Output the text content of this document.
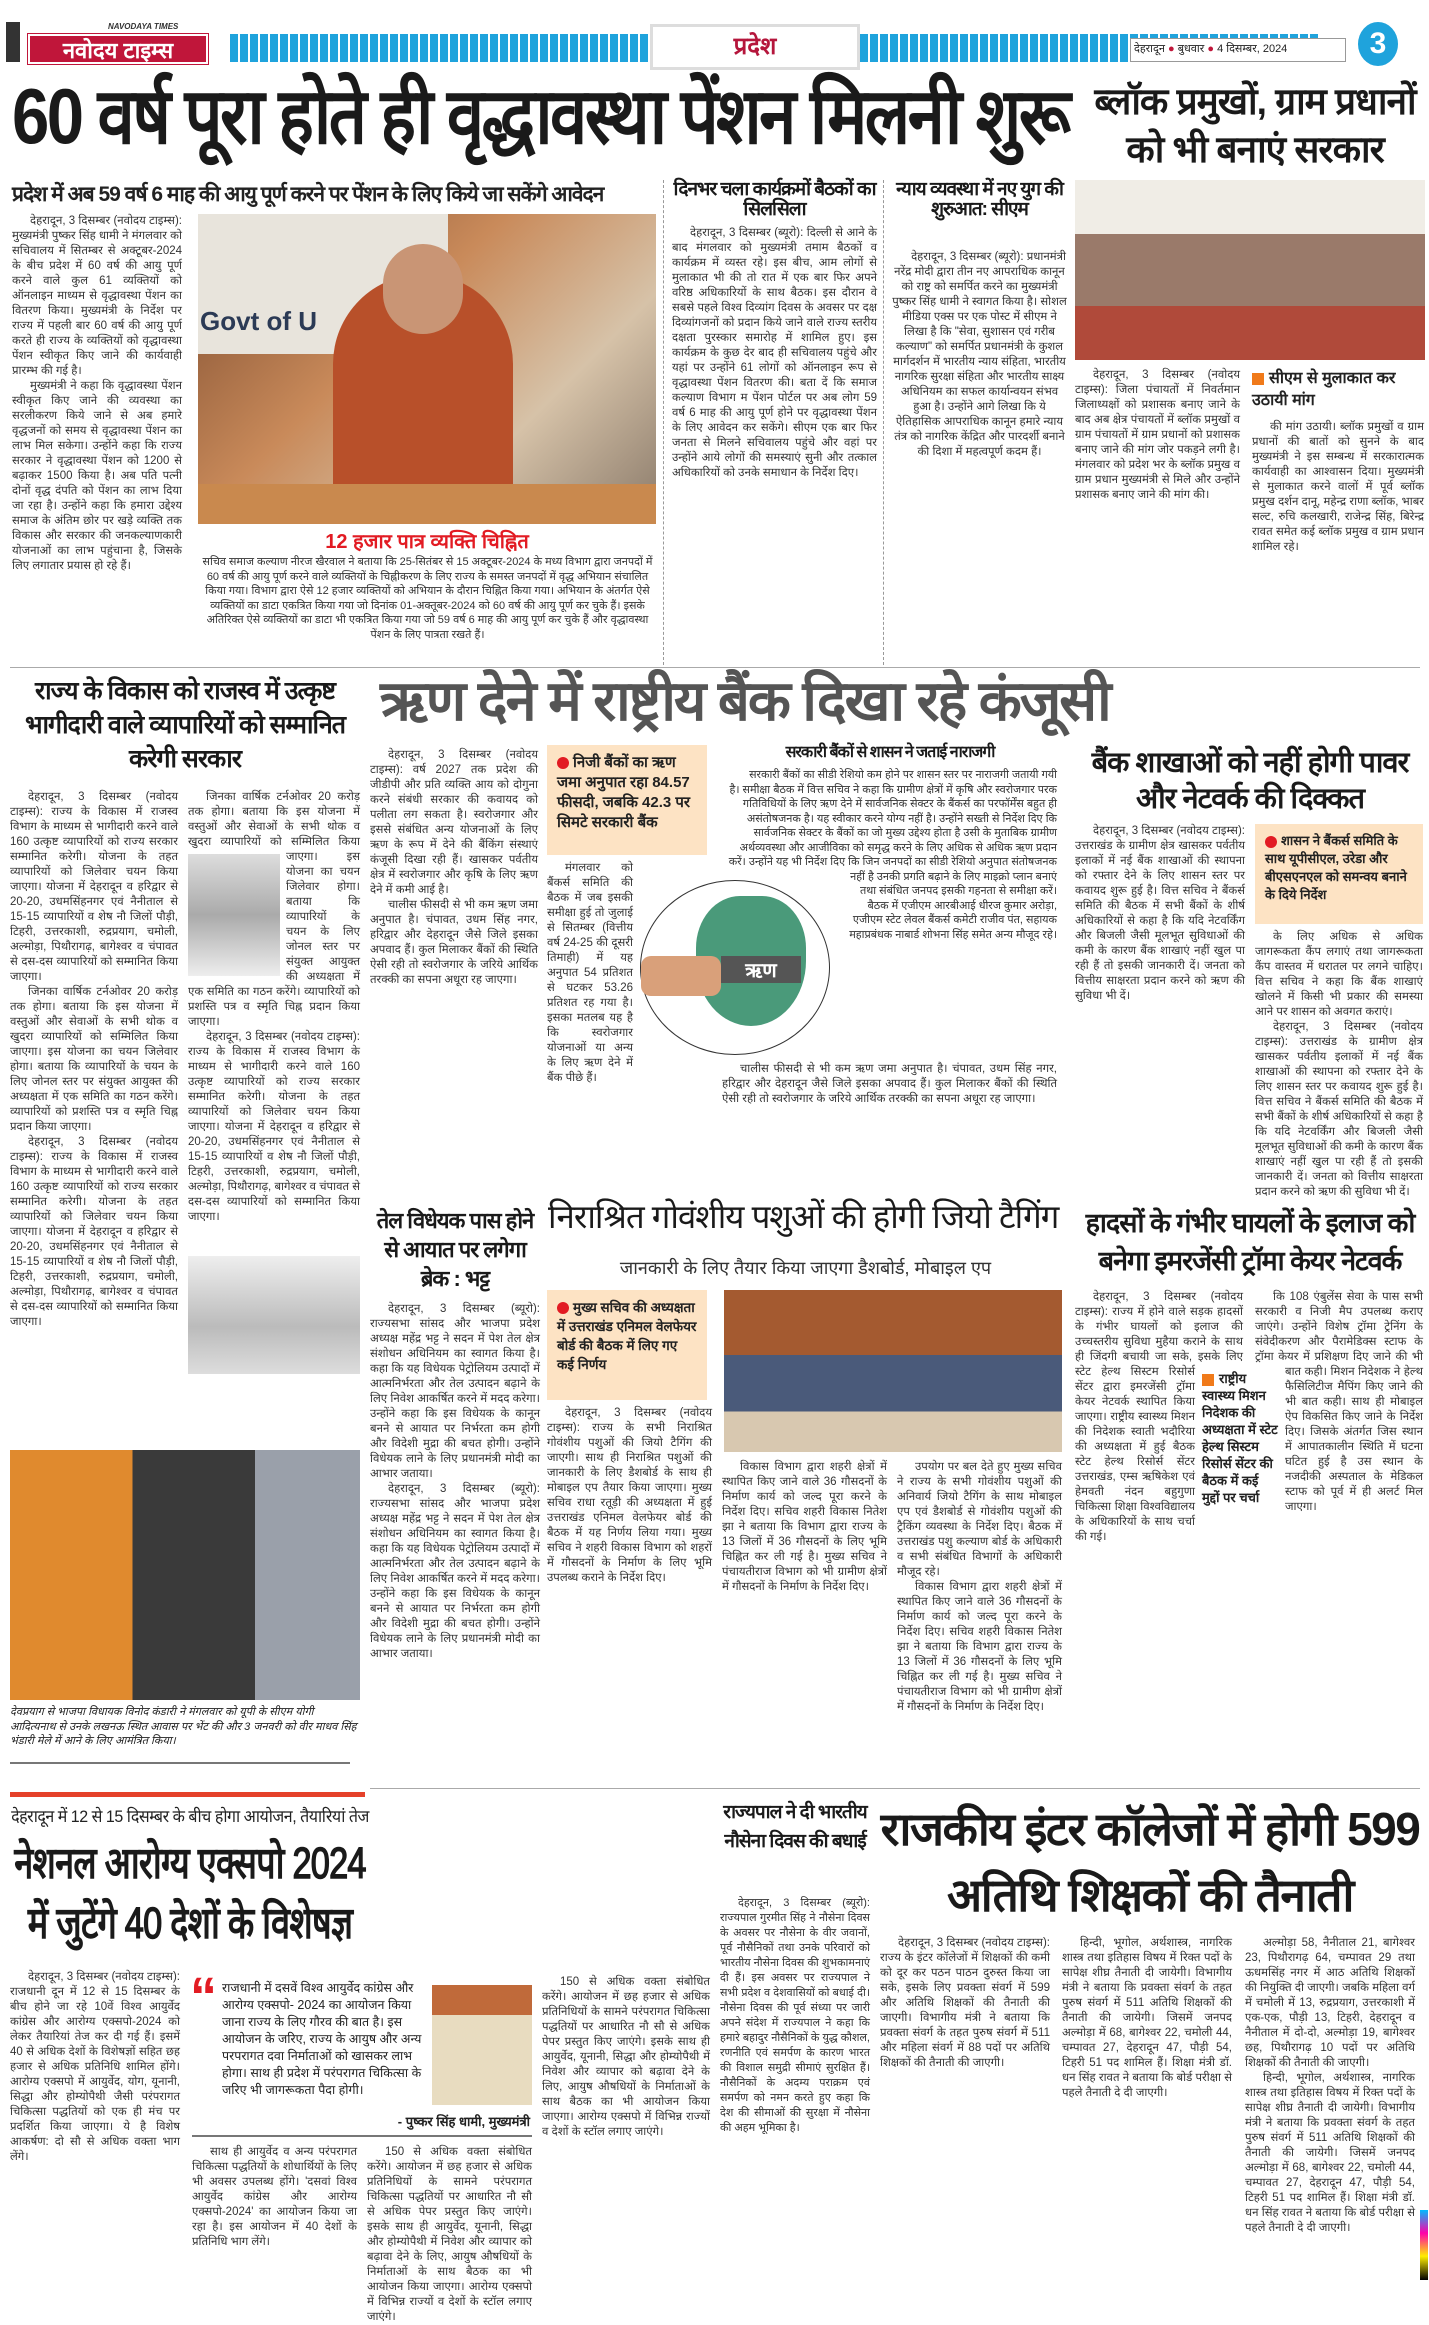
NAVODAYA TIMES
नवोदय टाइम्स	प्रदेश	देहरादून ● बुधवार ● 4 दिसम्बर, 2024	3
60 वर्ष पूरा होते ही वृद्धावस्था पेंशन मिलनी शुरू ब्लॉक प्रमुखों, ग्राम प्रधानों को भी बनाएं सरकार
प्रदेश में अब 59 वर्ष 6 माह की आयु पूर्ण करने पर पेंशन के लिए किये जा सकेंगे आवेदन

देहरादून, 3 दिसम्बर (नवोदय टाइम्स): मुख्यमंत्री पुष्कर सिंह धामी ने मंगलवार को सचिवालय में सितम्बर से अक्टूबर-2024 के बीच प्रदेश में 60 वर्ष की आयु पूर्ण करने वाले कुल 61 व्यक्तियों को ऑनलाइन माध्यम से वृद्धावस्था पेंशन का वितरण किया। मुख्यमंत्री के निर्देश पर राज्य में पहली बार 60 वर्ष की आयु पूर्ण करते ही राज्य के व्यक्तियों को वृद्धावस्था पेंशन स्वीकृत किए जाने की कार्यवाही प्रारम्भ की गई है।

मुख्यमंत्री ने कहा कि वृद्धावस्था पेंशन स्वीकृत किए जाने की व्यवस्था का सरलीकरण किये जाने से अब हमारे वृद्धजनों को समय से वृद्धावस्था पेंशन का लाभ मिल सकेगा। उन्होंने कहा कि राज्य सरकार ने वृद्धावस्था पेंशन को 1200 से बढ़ाकर 1500 किया है। अब पति पत्नी दोनों वृद्ध दंपति को पेंशन का लाभ दिया जा रहा है। उन्होंने कहा कि हमारा उद्देश्य समाज के अंतिम छोर पर खड़े व्यक्ति तक विकास और सरकार की जनकल्याणकारी योजनाओं का लाभ पहुंचाना है, जिसके लिए लगातार प्रयास हो रहे हैं।

Govt of U
12 हजार पात्र व्यक्ति चिह्नित
सचिव समाज कल्याण नीरज खैरवाल ने बताया कि 25-सितंबर से 15 अक्टूबर-2024 के मध्य विभाग द्वारा जनपदों में 60 वर्ष की आयु पूर्ण करने वाले व्यक्तियों के चिह्नीकरण के लिए राज्य के समस्त जनपदों में वृद्ध अभियान संचालित किया गया। विभाग द्वारा ऐसे 12 हजार व्यक्तियों को अभियान के दौरान चिह्नित किया गया। अभियान के अंतर्गत ऐसे व्यक्तियों का डाटा एकत्रित किया गया जो दिनांक 01-अक्तूबर-2024 को 60 वर्ष की आयु पूर्ण कर चुके हैं। इसके अतिरिक्त ऐसे व्यक्तियों का डाटा भी एकत्रित किया गया जो 59 वर्ष 6 माह की आयु पूर्ण कर चुके हैं और वृद्धावस्था पेंशन के लिए पात्रता रखते हैं।
दिनभर चला कार्यक्रमों बैठकों का सिलसिला

देहरादून, 3 दिसम्बर (ब्यूरो): दिल्ली से आने के बाद मंगलवार को मुख्यमंत्री तमाम बैठकों व कार्यक्रम में व्यस्त रहे। इस बीच, आम लोगों से मुलाकात भी की तो रात में एक बार फिर अपने वरिष्ठ अधिकारियों के साथ बैठक। इस दौरान वे सबसे पहले विश्व दिव्यांग दिवस के अवसर पर दक्ष दिव्यांगजनों को प्रदान किये जाने वाले राज्य स्तरीय दक्षता पुरस्कार समारोह में शामिल हुए। इस कार्यक्रम के कुछ देर बाद ही सचिवालय पहुंचे और यहां पर उन्होंने 61 लोगों को ऑनलाइन रूप से वृद्धावस्था पेंशन वितरण की। बता दें कि समाज कल्याण विभाग म पेंशन पोर्टल पर अब लोग 59 वर्ष 6 माह की आयु पूर्ण होने पर वृद्धावस्था पेंशन के लिए आवेदन कर सकेंगे। सीएम एक बार फिर जनता से मिलने सचिवालय पहुंचे और वहां पर उन्होंने आये लोगों की समस्याएं सुनी और तत्काल अधिकारियों को उनके समाधान के निर्देश दिए।

न्याय व्यवस्था में नए युग की शुरुआत: सीएम

देहरादून, 3 दिसम्बर (ब्यूरो): प्रधानमंत्री नरेंद्र मोदी द्वारा तीन नए आपराधिक कानून को राष्ट्र को समर्पित करने का मुख्यमंत्री पुष्कर सिंह धामी ने स्वागत किया है। सोशल मीडिया एक्स पर एक पोस्ट में सीएम ने लिखा है कि "सेवा, सुशासन एवं गरीब कल्याण" को समर्पित प्रधानमंत्री के कुशल मार्गदर्शन में भारतीय न्याय संहिता, भारतीय नागरिक सुरक्षा संहिता और भारतीय साक्ष्य अधिनियम का सफल कार्यान्वयन संभव हुआ है। उन्होंने आगे लिखा कि ये ऐतिहासिक आपराधिक कानून हमारे न्याय तंत्र को नागरिक केंद्रित और पारदर्शी बनाने की दिशा में महत्वपूर्ण कदम हैं।

देहरादून, 3 दिसम्बर (नवोदय टाइम्स): जिला पंचायतों में निवर्तमान जिलाध्यक्षों को प्रशासक बनाए जाने के बाद अब क्षेत्र पंचायतों में ब्लॉक प्रमुखों व ग्राम पंचायतों में ग्राम प्रधानों को प्रशासक बनाए जाने की मांग जोर पकड़ने लगी है। मंगलवार को प्रदेश भर के ब्लॉक प्रमुख व ग्राम प्रधान मुख्यमंत्री से मिले और उन्होंने प्रशासक बनाए जाने की मांग की।

सीएम से मुलाकात कर उठायी मांग

की मांग उठायी। ब्लॉक प्रमुखों व ग्राम प्रधानों की बातों को सुनने के बाद मुख्यमंत्री ने इस सम्बन्ध में सरकारात्मक कार्यवाही का आश्वासन दिया। मुख्यमंत्री से मुलाकात करने वालों में पूर्व ब्लॉक प्रमुख दर्शन दानू, महेन्द्र राणा ब्लॉक, भाबर सल्ट, रुचि कलखारी, राजेन्द्र सिंह, बिरेन्द्र रावत समेत कई ब्लॉक प्रमुख व ग्राम प्रधान शामिल रहे।

राज्य के विकास को राजस्व में उत्कृष्ट भागीदारी वाले व्यापारियों को सम्मानित करेगी सरकार

देहरादून, 3 दिसम्बर (नवोदय टाइम्स): राज्य के विकास में राजस्व विभाग के माध्यम से भागीदारी करने वाले 160 उत्कृष्ट व्यापारियों को राज्य सरकार सम्मानित करेगी। योजना के तहत व्यापारियों को जिलेवार चयन किया जाएगा। योजना में देहरादून व हरिद्वार से 20-20, उधमसिंहनगर एवं नैनीताल से 15-15 व्यापारियों व शेष नौ जिलों पौड़ी, टिहरी, उत्तरकाशी, रुद्रप्रयाग, चमोली, अल्मोड़ा, पिथौरागढ़, बागेश्वर व चंपावत से दस-दस व्यापारियों को सम्मानित किया जाएगा।

जिनका वार्षिक टर्नओवर 20 करोड़ तक होगा। बताया कि इस योजना में वस्तुओं और सेवाओं के सभी थोक व खुदरा व्यापारियों को सम्मिलित किया जाएगा। इस योजना का चयन जिलेवार होगा। बताया कि व्यापारियों के चयन के लिए जोनल स्तर पर संयुक्त आयुक्त की अध्यक्षता में एक समिति का गठन करेंगे। व्यापारियों को प्रशस्ति पत्र व स्मृति चिह्न प्रदान किया जाएगा।

देहरादून, 3 दिसम्बर (नवोदय टाइम्स): राज्य के विकास में राजस्व विभाग के माध्यम से भागीदारी करने वाले 160 उत्कृष्ट व्यापारियों को राज्य सरकार सम्मानित करेगी। योजना के तहत व्यापारियों को जिलेवार चयन किया जाएगा। योजना में देहरादून व हरिद्वार से 20-20, उधमसिंहनगर एवं नैनीताल से 15-15 व्यापारियों व शेष नौ जिलों पौड़ी, टिहरी, उत्तरकाशी, रुद्रप्रयाग, चमोली, अल्मोड़ा, पिथौरागढ़, बागेश्वर व चंपावत से दस-दस व्यापारियों को सम्मानित किया जाएगा।

जिनका वार्षिक टर्नओवर 20 करोड़ तक होगा। बताया कि इस योजना में वस्तुओं और सेवाओं के सभी थोक व खुदरा व्यापारियों को सम्मिलित किया जाएगा। इस योजना का चयन जिलेवार होगा। बताया कि व्यापारियों के चयन के लिए जोनल स्तर पर संयुक्त आयुक्त की अध्यक्षता में एक समिति का गठन करेंगे। व्यापारियों को प्रशस्ति पत्र व स्मृति चिह्न प्रदान किया जाएगा।

देहरादून, 3 दिसम्बर (नवोदय टाइम्स): राज्य के विकास में राजस्व विभाग के माध्यम से भागीदारी करने वाले 160 उत्कृष्ट व्यापारियों को राज्य सरकार सम्मानित करेगी। योजना के तहत व्यापारियों को जिलेवार चयन किया जाएगा। योजना में देहरादून व हरिद्वार से 20-20, उधमसिंहनगर एवं नैनीताल से 15-15 व्यापारियों व शेष नौ जिलों पौड़ी, टिहरी, उत्तरकाशी, रुद्रप्रयाग, चमोली, अल्मोड़ा, पिथौरागढ़, बागेश्वर व चंपावत से दस-दस व्यापारियों को सम्मानित किया जाएगा।

देवप्रयाग से भाजपा विधायक विनोद कंडारी ने मंगलवार को यूपी के सीएम योगी आदित्यनाथ से उनके लखनऊ स्थित आवास पर भेंट की और 3 जनवरी को वीर माधव सिंह भंडारी मेले में आने के लिए आमंत्रित किया।
ऋण देने में राष्ट्रीय बैंक दिखा रहे कंजूसी

देहरादून, 3 दिसम्बर (नवोदय टाइम्स): वर्ष 2027 तक प्रदेश की जीडीपी और प्रति व्यक्ति आय को दोगुना करने संबंधी सरकार की कवायद को पलीता लग सकता है। स्वरोजगार और इससे संबंधित अन्य योजनाओं के लिए ऋण के रूप में देने की बैंकिंग संस्थाएं कंजूसी दिखा रही हैं। खासकर पर्वतीय क्षेत्र में स्वरोजगार और कृषि के लिए ऋण देने में कमी आई है।

चालीस फीसदी से भी कम ऋण जमा अनुपात है। चंपावत, उधम सिंह नगर, हरिद्वार और देहरादून जैसे जिले इसका अपवाद हैं। कुल मिलाकर बैंकों की स्थिति ऐसी रही तो स्वरोजगार के जरिये आर्थिक तरक्की का सपना अधूरा रह जाएगा।

निजी बैंकों का ऋण जमा अनुपात रहा 84.57 फीसदी, जबकि 42.3 पर सिमटे सरकारी बैंक

मंगलवार को बैंकर्स समिति की बैठक में जब इसकी समीक्षा हुई तो जुलाई से सितम्बर (वित्तीय वर्ष 24-25 की दूसरी तिमाही) में यह अनुपात 54 प्रतिशत से घटकर 53.26 प्रतिशत रह गया है। इसका मतलब यह है कि स्वरोजगार योजनाओं या अन्य के लिए ऋण देने में बैंक पीछे हैं।

सरकारी बैंकों से शासन ने जताई नाराजगी

सरकारी बैंकों का सीडी रेशियो कम होने पर शासन स्तर पर नाराजगी जतायी गयी है। समीक्षा बैठक में वित्त सचिव ने कहा कि ग्रामीण क्षेत्रों में कृषि और स्वरोजगार परक गतिविधियों के लिए ऋण देने में सार्वजनिक सेक्टर के बैंकर्स का परफॉर्मेंस बहुत ही असंतोषजनक है। यह स्वीकार करने योग्य नहीं है। उन्होंने सख्ती से निर्देश दिए कि सार्वजनिक सेक्टर के बैंकों का जो मुख्य उद्देश्य होता है उसी के मुताबिक ग्रामीण अर्थव्यवस्था और आजीविका को समृद्ध करने के लिए अधिक से अधिक ऋण प्रदान करें। उन्होंने यह भी निर्देश दिए कि जिन जनपदों का सीडी रेशियो अनुपात संतोषजनक नहीं है उनकी प्रगति बढ़ाने के लिए माइक्रो प्लान बनाएं तथा संबंधित जनपद इसकी गहनता से समीक्षा करें। बैठक में एजीएम आरबीआई धीरज कुमार अरोड़ा, एजीएम स्टेट लेवल बैंकर्स कमेटी राजीव पंत, सहायक महाप्रबंधक नाबार्ड शोभना सिंह समेत अन्य मौजूद रहे।

ऋण

चालीस फीसदी से भी कम ऋण जमा अनुपात है। चंपावत, उधम सिंह नगर, हरिद्वार और देहरादून जैसे जिले इसका अपवाद हैं। कुल मिलाकर बैंकों की स्थिति ऐसी रही तो स्वरोजगार के जरिये आर्थिक तरक्की का सपना अधूरा रह जाएगा।

बैंक शाखाओं को नहीं होगी पावर और नेटवर्क की दिक्कत

देहरादून, 3 दिसम्बर (नवोदय टाइम्स): उत्तराखंड के ग्रामीण क्षेत्र खासकर पर्वतीय इलाकों में नई बैंक शाखाओं की स्थापना को रफ्तार देने के लिए शासन स्तर पर कवायद शुरू हुई है। वित्त सचिव ने बैंकर्स समिति की बैठक में सभी बैंकों के शीर्ष अधिकारियों से कहा है कि यदि नेटवर्किंग और बिजली जैसी मूलभूत सुविधाओं की कमी के कारण बैंक शाखाएं नहीं खुल पा रही हैं तो इसकी जानकारी दें। जनता को वित्तीय साक्षरता प्रदान करने को ऋण की सुविधा भी दें।

शासन ने बैंकर्स समिति के साथ यूपीसीएल, उरेडा और बीएसएनएल को समन्वय बनाने के दिये निर्देश

के लिए अधिक से अधिक जागरूकता कैंप लगाएं तथा जागरूकता कैंप वास्तव में धरातल पर लगने चाहिए। वित्त सचिव ने कहा कि बैंक शाखाएं खोलने में किसी भी प्रकार की समस्या आने पर शासन को अवगत कराएं।

देहरादून, 3 दिसम्बर (नवोदय टाइम्स): उत्तराखंड के ग्रामीण क्षेत्र खासकर पर्वतीय इलाकों में नई बैंक शाखाओं की स्थापना को रफ्तार देने के लिए शासन स्तर पर कवायद शुरू हुई है। वित्त सचिव ने बैंकर्स समिति की बैठक में सभी बैंकों के शीर्ष अधिकारियों से कहा है कि यदि नेटवर्किंग और बिजली जैसी मूलभूत सुविधाओं की कमी के कारण बैंक शाखाएं नहीं खुल पा रही हैं तो इसकी जानकारी दें। जनता को वित्तीय साक्षरता प्रदान करने को ऋण की सुविधा भी दें।

तेल विधेयक पास होने से आयात पर लगेगा ब्रेक : भट्ट

देहरादून, 3 दिसम्बर (ब्यूरो): राज्यसभा सांसद और भाजपा प्रदेश अध्यक्ष महेंद्र भट्ट ने सदन में पेश तेल क्षेत्र संशोधन अधिनियम का स्वागत किया है। कहा कि यह विधेयक पेट्रोलियम उत्पादों में आत्मनिर्भरता और तेल उत्पादन बढ़ाने के लिए निवेश आकर्षित करने में मदद करेगा। उन्होंने कहा कि इस विधेयक के कानून बनने से आयात पर निर्भरता कम होगी और विदेशी मुद्रा की बचत होगी। उन्होंने विधेयक लाने के लिए प्रधानमंत्री मोदी का आभार जताया।

देहरादून, 3 दिसम्बर (ब्यूरो): राज्यसभा सांसद और भाजपा प्रदेश अध्यक्ष महेंद्र भट्ट ने सदन में पेश तेल क्षेत्र संशोधन अधिनियम का स्वागत किया है। कहा कि यह विधेयक पेट्रोलियम उत्पादों में आत्मनिर्भरता और तेल उत्पादन बढ़ाने के लिए निवेश आकर्षित करने में मदद करेगा। उन्होंने कहा कि इस विधेयक के कानून बनने से आयात पर निर्भरता कम होगी और विदेशी मुद्रा की बचत होगी। उन्होंने विधेयक लाने के लिए प्रधानमंत्री मोदी का आभार जताया।

निराश्रित गोवंशीय पशुओं की होगी जियो टैगिंग
जानकारी के लिए तैयार किया जाएगा डैशबोर्ड, मोबाइल एप
मुख्य सचिव की अध्यक्षता में उत्तराखंड एनिमल वेलफेयर बोर्ड की बैठक में लिए गए कई निर्णय

देहरादून, 3 दिसम्बर (नवोदय टाइम्स): राज्य के सभी निराश्रित गोवंशीय पशुओं की जियो टैगिंग की जाएगी। साथ ही निराश्रित पशुओं की जानकारी के लिए डैशबोर्ड के साथ ही मोबाइल एप तैयार किया जाएगा। मुख्य सचिव राधा रतूड़ी की अध्यक्षता में हुई उत्तराखंड एनिमल वेलफेयर बोर्ड की बैठक में यह निर्णय लिया गया। मुख्य सचिव ने शहरी विकास विभाग को शहरों में गौसदनों के निर्माण के लिए भूमि उपलब्ध कराने के निर्देश दिए।

विकास विभाग द्वारा शहरी क्षेत्रों में स्थापित किए जाने वाले 36 गौसदनों के निर्माण कार्य को जल्द पूरा करने के निर्देश दिए। सचिव शहरी विकास नितेश झा ने बताया कि विभाग द्वारा राज्य के 13 जिलों में 36 गौसदनों के लिए भूमि चिह्नित कर ली गई है। मुख्य सचिव ने पंचायतीराज विभाग को भी ग्रामीण क्षेत्रों में गौसदनों के निर्माण के निर्देश दिए।

उपयोग पर बल देते हुए मुख्य सचिव ने राज्य के सभी गोवंशीय पशुओं की अनिवार्य जियो टैगिंग के साथ मोबाइल एप एवं डैशबोर्ड से गोवंशीय पशुओं की ट्रैकिंग व्यवस्था के निर्देश दिए। बैठक में उत्तराखंड पशु कल्याण बोर्ड के अधिकारी व सभी संबंधित विभागों के अधिकारी मौजूद रहे।

विकास विभाग द्वारा शहरी क्षेत्रों में स्थापित किए जाने वाले 36 गौसदनों के निर्माण कार्य को जल्द पूरा करने के निर्देश दिए। सचिव शहरी विकास नितेश झा ने बताया कि विभाग द्वारा राज्य के 13 जिलों में 36 गौसदनों के लिए भूमि चिह्नित कर ली गई है। मुख्य सचिव ने पंचायतीराज विभाग को भी ग्रामीण क्षेत्रों में गौसदनों के निर्माण के निर्देश दिए।

हादसों के गंभीर घायलों के इलाज को बनेगा इमरजेंसी ट्रॉमा केयर नेटवर्क

देहरादून, 3 दिसम्बर (नवोदय टाइम्स): राज्य में होने वाले सड़क हादसों के गंभीर घायलों को इलाज की उच्चस्तरीय सुविधा मुहैया कराने के साथ ही जिंदगी बचायी जा सके, इसके लिए स्टेट हेल्थ सिस्टम रिसोर्स सेंटर द्वारा इमरजेंसी ट्रॉमा केयर नेटवर्क स्थापित किया जाएगा। राष्ट्रीय स्वास्थ्य मिशन की निदेशक स्वाती भदौरिया की अध्यक्षता में हुई बैठक स्टेट हेल्थ रिसोर्स सेंटर उत्तराखंड, एम्स ऋषिकेश एवं हेमवती नंदन बहुगुणा चिकित्सा शिक्षा विश्वविद्यालय के अधिकारियों के साथ चर्चा की गई।

राष्ट्रीय स्वास्थ्य मिशन निदेशक की अध्यक्षता में स्टेट हेल्थ सिस्टम रिसोर्स सेंटर की बैठक में कई मुद्दों पर चर्चा

कि 108 एंबुलेंस सेवा के पास सभी सरकारी व निजी मैप उपलब्ध कराए जाएंगे। उन्होंने विशेष ट्रॉमा ट्रेनिंग के संवेदीकरण और पैरामेडिक्स स्टाफ के ट्रॉमा केयर में प्रशिक्षण दिए जाने की भी बात कही। मिशन निदेशक ने हेल्थ फैसिलिटीज मैपिंग किए जाने की भी बात कही। साथ ही मोबाइल ऐप विकसित किए जाने के निर्देश दिए। जिसके अंतर्गत जिस स्थान में आपातकालीन स्थिति में घटना घटित हुई है उस स्थान के नजदीकी अस्पताल के मेडिकल स्टाफ को पूर्व में ही अलर्ट मिल जाएगा।

देहरादून में 12 से 15 दिसम्बर के बीच होगा आयोजन, तैयारियां तेज
नेशनल आरोग्य एक्सपो 2024 में जुटेंगे 40 देशों के विशेषज्ञ

देहरादून, 3 दिसम्बर (नवोदय टाइम्स): राजधानी दून में 12 से 15 दिसम्बर के बीच होने जा रहे 10वें विश्व आयुर्वेद कांग्रेस और आरोग्य एक्सपो-2024 को लेकर तैयारियां तेज कर दी गई हैं। इसमें 40 से अधिक देशों के विशेषज्ञों सहित छह हजार से अधिक प्रतिनिधि शामिल होंगे। आरोग्य एक्सपो में आयुर्वेद, योग, यूनानी, सिद्धा और होम्योपैथी जैसी परंपरागत चिकित्सा पद्धतियों को एक ही मंच पर प्रदर्शित किया जाएगा। ये है विशेष आकर्षण: दो सौ से अधिक वक्ता भाग लेंगे।

“ राजधानी में दसवें विश्व आयुर्वेद कांग्रेस और आरोग्य एक्सपो- 2024 का आयोजन किया जाना राज्य के लिए गौरव की बात है। इस आयोजन के जरिए, राज्य के आयुष और अन्य परपरागत दवा निर्माताओं को खासकर लाभ होगा। साथ ही प्रदेश में परंपरागत चिकित्सा के जरिए भी जागरूकता पैदा होगी।
- पुष्कर सिंह धामी, मुख्यमंत्री

साथ ही आयुर्वेद व अन्य परंपरागत चिकित्सा पद्धतियों के शोधार्थियों के लिए भी अवसर उपलब्ध होंगे। 'दसवां विश्व आयुर्वेद कांग्रेस और आरोग्य एक्सपो-2024' का आयोजन किया जा रहा है। इस आयोजन में 40 देशों के प्रतिनिधि भाग लेंगे।

150 से अधिक वक्ता संबोधित करेंगे। आयोजन में छह हजार से अधिक प्रतिनिधियों के सामने परंपरागत चिकित्सा पद्धतियों पर आधारित नौ सौ से अधिक पेपर प्रस्तुत किए जाएंगे। इसके साथ ही आयुर्वेद, यूनानी, सिद्धा और होम्योपैथी में निवेश और व्यापार को बढ़ावा देने के लिए, आयुष औषधियों के निर्माताओं के साथ बैठक का भी आयोजन किया जाएगा। आरोग्य एक्सपो में विभिन्न राज्यों व देशों के स्टॉल लगाए जाएंगे।

150 से अधिक वक्ता संबोधित करेंगे। आयोजन में छह हजार से अधिक प्रतिनिधियों के सामने परंपरागत चिकित्सा पद्धतियों पर आधारित नौ सौ से अधिक पेपर प्रस्तुत किए जाएंगे। इसके साथ ही आयुर्वेद, यूनानी, सिद्धा और होम्योपैथी में निवेश और व्यापार को बढ़ावा देने के लिए, आयुष औषधियों के निर्माताओं के साथ बैठक का भी आयोजन किया जाएगा। आरोग्य एक्सपो में विभिन्न राज्यों व देशों के स्टॉल लगाए जाएंगे।

राज्यपाल ने दी भारतीय नौसेना दिवस की बधाई

देहरादून, 3 दिसम्बर (ब्यूरो): राज्यपाल गुरमीत सिंह ने नौसेना दिवस के अवसर पर नौसेना के वीर जवानों, पूर्व नौसैनिकों तथा उनके परिवारों को भारतीय नौसेना दिवस की शुभकामनाएं दी हैं। इस अवसर पर राज्यपाल ने सभी प्रदेश व देशवासियों को बधाई दी। नौसेना दिवस की पूर्व संध्या पर जारी अपने संदेश में राज्यपाल ने कहा कि हमारे बहादुर नौसैनिकों के युद्ध कौशल, रणनीति एवं समर्पण के कारण भारत की विशाल समुद्री सीमाएं सुरक्षित हैं। नौसैनिकों के अदम्य पराक्रम एवं समर्पण को नमन करते हुए कहा कि देश की सीमाओं की सुरक्षा में नौसेना की अहम भूमिका है।

राजकीय इंटर कॉलेजों में होगी 599 अतिथि शिक्षकों की तैनाती

देहरादून, 3 दिसम्बर (नवोदय टाइम्स): राज्य के इंटर कॉलेजों में शिक्षकों की कमी को दूर कर पठन पाठन दुरुस्त किया जा सके, इसके लिए प्रवक्ता संवर्ग में 599 और अतिथि शिक्षकों की तैनाती की जाएगी। विभागीय मंत्री ने बताया कि प्रवक्ता संवर्ग के तहत पुरुष संवर्ग में 511 और महिला संवर्ग में 88 पदों पर अतिथि शिक्षकों की तैनाती की जाएगी।

हिन्दी, भूगोल, अर्थशास्त्र, नागरिक शास्त्र तथा इतिहास विषय में रिक्त पदों के सापेक्ष शीघ्र तैनाती दी जायेगी। विभागीय मंत्री ने बताया कि प्रवक्ता संवर्ग के तहत पुरुष संवर्ग में 511 अतिथि शिक्षकों की तैनाती की जायेगी। जिसमें जनपद अल्मोड़ा में 68, बागेश्वर 22, चमोली 44, चम्पावत 27, देहरादून 47, पौड़ी 54, टिहरी 51 पद शामिल हैं। शिक्षा मंत्री डॉ. धन सिंह रावत ने बताया कि बोर्ड परीक्षा से पहले तैनाती दे दी जाएगी।

अल्मोड़ा 58, नैनीताल 21, बागेश्वर 23, पिथौरागढ़ 64, चम्पावत 29 तथा ऊधमसिंह नगर में आठ अतिथि शिक्षकों की नियुक्ति दी जाएगी। जबकि महिला वर्ग में चमोली में 13, रुद्रप्रयाग, उत्तरकाशी में एक-एक, पौड़ी 13, टिहरी, देहरादून व नैनीताल में दो-दो, अल्मोड़ा 19, बागेश्वर छह, पिथौरागढ़ 10 पदों पर अतिथि शिक्षकों की तैनाती की जाएगी।

हिन्दी, भूगोल, अर्थशास्त्र, नागरिक शास्त्र तथा इतिहास विषय में रिक्त पदों के सापेक्ष शीघ्र तैनाती दी जायेगी। विभागीय मंत्री ने बताया कि प्रवक्ता संवर्ग के तहत पुरुष संवर्ग में 511 अतिथि शिक्षकों की तैनाती की जायेगी। जिसमें जनपद अल्मोड़ा में 68, बागेश्वर 22, चमोली 44, चम्पावत 27, देहरादून 47, पौड़ी 54, टिहरी 51 पद शामिल हैं। शिक्षा मंत्री डॉ. धन सिंह रावत ने बताया कि बोर्ड परीक्षा से पहले तैनाती दे दी जाएगी।
